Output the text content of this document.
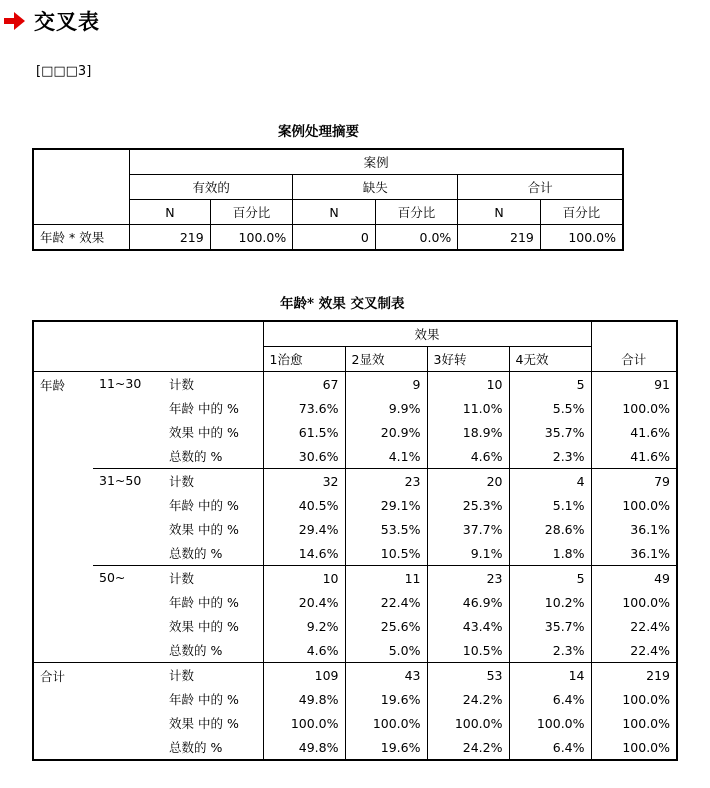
交叉表
[□□□3]
案例处理摘要
	案例					
	有效的		缺失		合计	
	N	百分比	N	百分比	N	百分比
年龄 * 效果	219	100.0%	0	0.0%	219	100.0%
年龄* 效果 交叉制表
			效果				合计
			1治愈	2显效	3好转	4无效	
年龄	11~30	计数	67	9	10	5	91
		年龄 中的 %	73.6%	9.9%	11.0%	5.5%	100.0%
		效果 中的 %	61.5%	20.9%	18.9%	35.7%	41.6%
		总数的 %	30.6%	4.1%	4.6%	2.3%	41.6%
	31~50	计数	32	23	20	4	79
		年龄 中的 %	40.5%	29.1%	25.3%	5.1%	100.0%
		效果 中的 %	29.4%	53.5%	37.7%	28.6%	36.1%
		总数的 %	14.6%	10.5%	9.1%	1.8%	36.1%
	50~	计数	10	11	23	5	49
		年龄 中的 %	20.4%	22.4%	46.9%	10.2%	100.0%
		效果 中的 %	9.2%	25.6%	43.4%	35.7%	22.4%
		总数的 %	4.6%	5.0%	10.5%	2.3%	22.4%
合计		计数	109	43	53	14	219
		年龄 中的 %	49.8%	19.6%	24.2%	6.4%	100.0%
		效果 中的 %	100.0%	100.0%	100.0%	100.0%	100.0%
		总数的 %	49.8%	19.6%	24.2%	6.4%	100.0%
